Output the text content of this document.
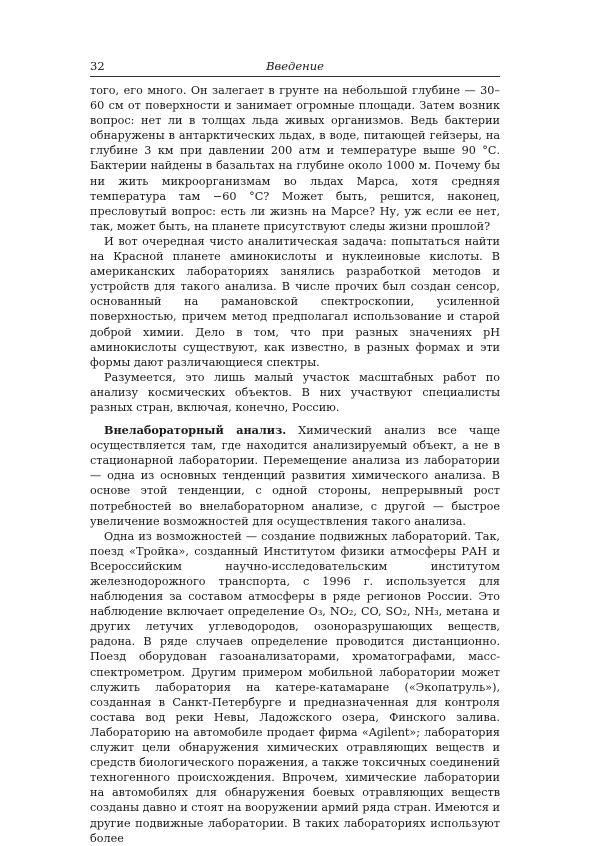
32	Введение

того, его много. Он залегает в грунте на небольшой глубине — 30–60 см от поверхности и занимает огромные площади. Затем возник вопрос: нет ли в толщах льда живых организмов. Ведь бактерии обнаружены в антарктических льдах, в воде, питающей гейзеры, на глубине 3 км при давлении 200 атм и температуре выше 90 °С. Бактерии найдены в базальтах на глубине около 1000 м. Почему бы ни жить микроорганизмам во льдах Марса, хотя средняя температура там −60 °С? Может быть, решится, наконец, пресловутый вопрос: есть ли жизнь на Марсе? Ну, уж если ее нет, так, может быть, на планете присутствуют следы жизни прошлой?

И вот очередная чисто аналитическая задача: попытаться найти на Красной планете аминокислоты и нуклеиновые кислоты. В американских лабораториях занялись разработкой методов и устройств для такого анализа. В числе прочих был создан сенсор, основанный на рамановской спектроскопии, усиленной поверхностью, причем метод предполагал использование и старой доброй химии. Дело в том, что при разных значениях pH аминокислоты существуют, как известно, в разных формах и эти формы дают различающиеся спектры.

Разумеется, это лишь малый участок масштабных работ по анализу космических объектов. В них участвуют специалисты разных стран, включая, конечно, Россию.

Внелабораторный анализ. Химический анализ все чаще осуществляется там, где находится анализируемый объект, а не в стационарной лаборатории. Перемещение анализа из лаборатории — одна из основных тенденций развития химического анализа. В основе этой тенденции, с одной стороны, непрерывный рост потребностей во внелабораторном анализе, с другой — быстрое увеличение возможностей для осуществления такого анализа.

Одна из возможностей — создание подвижных лабораторий. Так, поезд «Тройка», созданный Институтом физики атмосферы РАН и Всероссийским научно-исследовательским институтом железнодорожного транспорта, с 1996 г. используется для наблюдения за составом атмосферы в ряде регионов России. Это наблюдение включает определение O₃, NO₂, CO, SO₂, NH₃, метана и других летучих углеводородов, озоноразрушающих веществ, радона. В ряде случаев определение проводится дистанционно. Поезд оборудован газоанализаторами, хроматографами, масс-спектрометром. Другим примером мобильной лаборатории может служить лаборатория на катере-катамаране («Экопатруль»), созданная в Санкт-Петербурге и предназначенная для контроля состава вод реки Невы, Ладожского озера, Финского залива. Лабораторию на автомобиле продает фирма «Agilent»; лаборатория служит цели обнаружения химических отравляющих веществ и средств биологического поражения, а также токсичных соединений техногенного происхождения. Впрочем, химические лаборатории на автомобилях для обнаружения боевых отравляющих веществ созданы давно и стоят на вооружении армий ряда стран. Имеются и другие подвижные лаборатории. В таких лабораториях используют более
